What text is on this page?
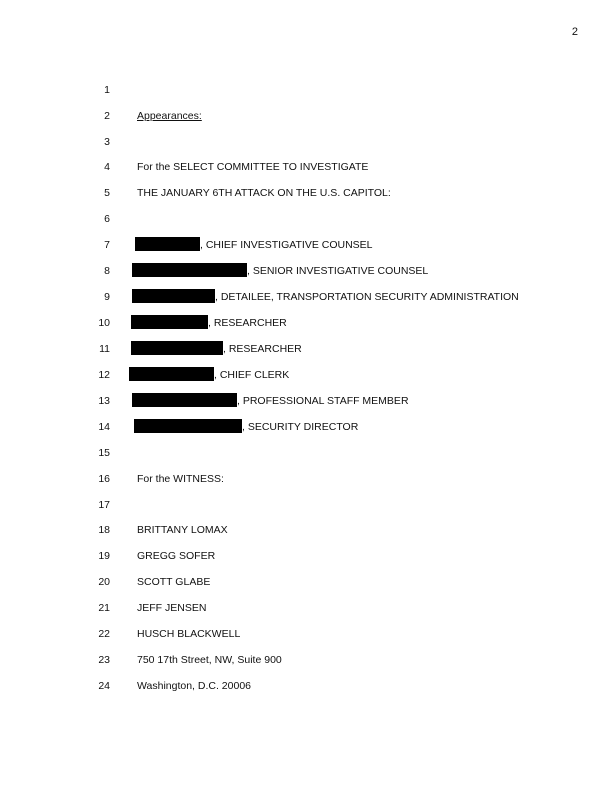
2
1
2	Appearances:
3
4	For the SELECT COMMITTEE TO INVESTIGATE
5	THE JANUARY 6TH ATTACK ON THE U.S. CAPITOL:
6
7	, CHIEF INVESTIGATIVE COUNSEL
8	, SENIOR INVESTIGATIVE COUNSEL
9	, DETAILEE, TRANSPORTATION SECURITY ADMINISTRATION
10	, RESEARCHER
11	, RESEARCHER
12	, CHIEF CLERK
13	, PROFESSIONAL STAFF MEMBER
14	, SECURITY DIRECTOR
15
16	For the WITNESS:
17
18	BRITTANY LOMAX
19	GREGG SOFER
20	SCOTT GLABE
21	JEFF JENSEN
22	HUSCH BLACKWELL
23	750 17th Street, NW, Suite 900
24	Washington, D.C. 20006
